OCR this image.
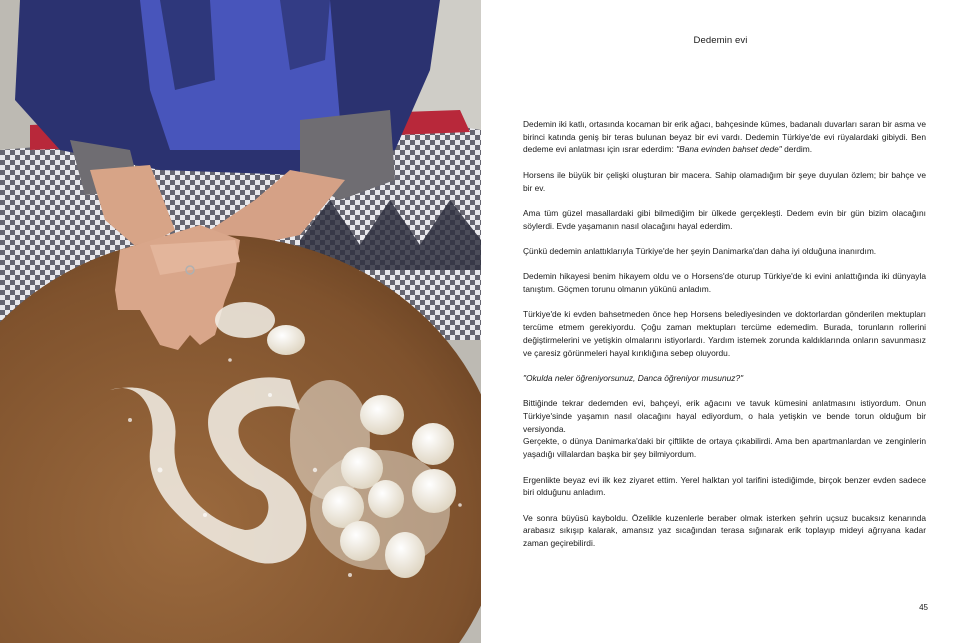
Dedemin evi

Dedemin iki katlı, ortasında kocaman bir erik ağacı, bahçesinde kümes, badanalı duvarları saran bir asma ve birinci katında geniş bir teras bulunan beyaz bir evi vardı. Dedemin Türkiye'de evi rüyalardaki gibiydi. Ben dedeme evi anlatması için ısrar ederdim: "Bana evinden bahset dede" derdim.

Horsens ile büyük bir çelişki oluşturan bir macera. Sahip olamadığım bir şeye duyulan özlem; bir bahçe ve bir ev.

Ama tüm güzel masallardaki gibi bilmediğim bir ülkede gerçekleşti. Dedem evin bir gün bizim olacağını söylerdi. Evde yaşamanın nasıl olacağını hayal ederdim.

Çünkü dedemin anlattıklarıyla Türkiye'de her şeyin Danimarka'dan daha iyi olduğuna inanırdım.

Dedemin hikayesi benim hikayem oldu ve o Horsens'de oturup Türkiye'de ki evini anlattığında iki dünyayla tanıştım. Göçmen torunu olmanın yükünü anladım.

Türkiye'de ki evden bahsetmeden önce hep Horsens belediyesinden ve doktorlardan gönderilen mektupları tercüme etmem gerekiyordu. Çoğu zaman mektupları tercüme edemedim. Burada, torunların rollerini değiştirmelerini ve yetişkin olmalarını istiyorlardı. Yardım istemek zorunda kaldıklarında onların savunmasız ve çaresiz görünmeleri hayal kırıklığına sebep oluyordu.

"Okulda neler öğreniyorsunuz, Danca öğreniyor musunuz?"

Bittiğinde tekrar dedemden evi, bahçeyi, erik ağacını ve tavuk kümesini anlatmasını istiyordum. Onun Türkiye'sinde yaşamın nasıl olacağını hayal ediyordum, o hala yetişkin ve bende torun olduğum bir versiyonda.

Gerçekte, o dünya Danimarka'daki bir çiftlikte de ortaya çıkabilirdi. Ama ben apartmanlardan ve zenginlerin yaşadığı villalardan başka bir şey bilmiyordum.

Ergenlikte beyaz evi ilk kez ziyaret ettim. Yerel halktan yol tarifini istediğimde, birçok benzer evden sadece biri olduğunu anladım.

Ve sonra büyüsü kayboldu. Özelikle kuzenlerle beraber olmak isterken şehrin uçsuz bucaksız kenarında arabasız sıkışıp kalarak, amansız yaz sıcağından terasa sığınarak erik toplayıp mideyi ağrıyana kadar zaman geçirebilirdi.

45
